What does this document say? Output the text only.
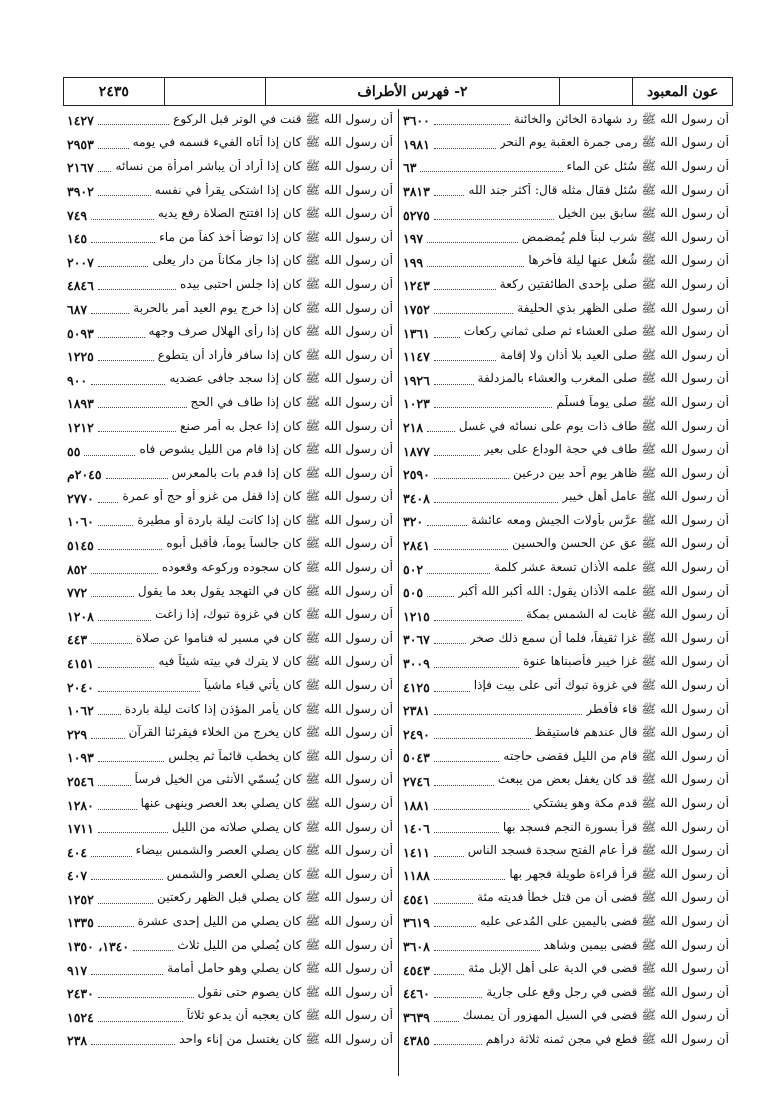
عون المعبود
٢- فهرس الأطراف
٢٤٣٥
أن رسول الله ﷺ رد شهادة الخائن والخائنة
٣٦٠٠
أن رسول الله ﷺ رمى جمرة العقبة يوم النحر
١٩٨١
أن رسول الله ﷺ سُئل عن الماء
٦٣
أن رسول الله ﷺ سُئل فقال مثله قال: أكثر جند الله
٣٨١٣
أن رسول الله ﷺ سابق بين الخيل
٥٢٧٥
أن رسول الله ﷺ شرب لبناً فلم يُمضمض
١٩٧
أن رسول الله ﷺ شُغل عنها ليلة فأخرها
١٩٩
أن رسول الله ﷺ صلى بإحدى الطائفتين ركعة
١٢٤٣
أن رسول الله ﷺ صلى الظهر بذي الحليفة
١٧٥٢
أن رسول الله ﷺ صلى العشاء ثم صلى ثماني ركعات
١٣٦١
أن رسول الله ﷺ صلى العيد بلا أذان ولا إقامة
١١٤٧
أن رسول الله ﷺ صلى المغرب والعشاء بالمزدلفة
١٩٢٦
أن رسول الله ﷺ صلى يوماً فسلَّم
١٠٢٣
أن رسول الله ﷺ طاف ذات يوم على نسائه في غسل
٢١٨
أن رسول الله ﷺ طاف في حجة الوداع على بعير
١٨٧٧
أن رسول الله ﷺ ظاهر يوم أحد بين درعين
٢٥٩٠
أن رسول الله ﷺ عامل أهل خيبر
٣٤٠٨
أن رسول الله ﷺ عرَّس بأولات الجيش ومعه عائشة
٣٢٠
أن رسول الله ﷺ عق عن الحسن والحسين
٢٨٤١
أن رسول الله ﷺ علمه الأذان تسعة عشر كلمة
٥٠٢
أن رسول الله ﷺ علمه الأذان يقول: الله أكبر الله أكبر
٥٠٥
أن رسول الله ﷺ غابت له الشمس بمكة
١٢١٥
أن رسول الله ﷺ غزا ثقيفاً، فلما أن سمع ذلك صخر
٣٠٦٧
أن رسول الله ﷺ غزا خيبر فأصبناها عنوة
٣٠٠٩
أن رسول الله ﷺ في غزوة تبوك أتى على بيت فإذا
٤١٢٥
أن رسول الله ﷺ قاء فأفطر
٢٣٨١
أن رسول الله ﷺ قال عندهم فاستيقظ
٢٤٩٠
أن رسول الله ﷺ قام من الليل فقضى حاجته
٥٠٤٣
أن رسول الله ﷺ قد كان يغفل بعض من يبعث
٢٧٤٦
أن رسول الله ﷺ قدم مكة وهو يشتكي
١٨٨١
أن رسول الله ﷺ قرأ بسورة النجم فسجد بها
١٤٠٦
أن رسول الله ﷺ قرأ عام الفتح سجدة فسجد الناس
١٤١١
أن رسول الله ﷺ قرأ قراءة طويلة فجهر بها
١١٨٨
أن رسول الله ﷺ قضى أن من قتل خطأ فديته مئة
٤٥٤١
أن رسول الله ﷺ قضى باليمين على المُدعى عليه
٣٦١٩
أن رسول الله ﷺ قضى بيمين وشاهد
٣٦٠٨
أن رسول الله ﷺ قضى في الدية على أهل الإبل مئة
٤٥٤٣
أن رسول الله ﷺ قضى في رجل وقع على جارية
٤٤٦٠
أن رسول الله ﷺ قضى في السيل المهزور أن يمسك
٣٦٣٩
أن رسول الله ﷺ قطع في مجن ثمنه ثلاثة دراهم
٤٣٨٥
أن رسول الله ﷺ قنت في الوتر قبل الركوع
١٤٢٧
أن رسول الله ﷺ كان إذا أتاه الفيء قسمه في يومه
٢٩٥٣
أن رسول الله ﷺ كان إذا أراد أن يباشر امرأة من نسائه
٢١٦٧
أن رسول الله ﷺ كان إذا اشتكى يقرأ في نفسه
٣٩٠٢
أن رسول الله ﷺ كان إذا افتتح الصلاة رفع يديه
٧٤٩
أن رسول الله ﷺ كان إذا توضأ أخذ كفاً من ماء
١٤٥
أن رسول الله ﷺ كان إذا جاز مكاناً من دار يعلى
٢٠٠٧
أن رسول الله ﷺ كان إذا جلس احتبى بيده
٤٨٤٦
أن رسول الله ﷺ كان إذا خرج يوم العيد أمر بالحربة
٦٨٧
أن رسول الله ﷺ كان إذا رأى الهلال صرف وجهه
٥٠٩٣
أن رسول الله ﷺ كان إذا سافر فأراد أن يتطوع
١٢٢٥
أن رسول الله ﷺ كان إذا سجد جافى عضديه
٩٠٠
أن رسول الله ﷺ كان إذا طاف في الحج
١٨٩٣
أن رسول الله ﷺ كان إذا عجل به أمر صنع
١٢١٢
أن رسول الله ﷺ كان إذا قام من الليل يشوص فاه
٥٥
أن رسول الله ﷺ كان إذا قدم بات بالمعرس
٢٠٤٥م
أن رسول الله ﷺ كان إذا قفل من غزو أو حج أو عمرة
٢٧٧٠
أن رسول الله ﷺ كان إذا كانت ليلة باردة أو مطيرة
١٠٦٠
أن رسول الله ﷺ كان جالساً يوماً، فأقبل أبوه
٥١٤٥
أن رسول الله ﷺ كان سجوده وركوعه وقعوده
٨٥٢
أن رسول الله ﷺ كان في التهجد يقول بعد ما يقول
٧٧٢
أن رسول الله ﷺ كان في غزوة تبوك، إذا زاغت
١٢٠٨
أن رسول الله ﷺ كان في مسير له فناموا عن صلاة
٤٤٣
أن رسول الله ﷺ كان لا يترك في بيته شيئاً فيه
٤١٥١
أن رسول الله ﷺ كان يأتي قباء ماشياً
٢٠٤٠
أن رسول الله ﷺ كان يأمر المؤذن إذا كانت ليلة باردة
١٠٦٢
أن رسول الله ﷺ كان يخرج من الخلاء فيقرئنا القرآن
٢٢٩
أن رسول الله ﷺ كان يخطب قائماً ثم يجلس
١٠٩٣
أن رسول الله ﷺ كان يُسمّي الأنثى من الخيل فرساً
٢٥٤٦
أن رسول الله ﷺ كان يصلي بعد العصر وينهى عنها
١٢٨٠
أن رسول الله ﷺ كان يصلي صلاته من الليل
١٧١١
أن رسول الله ﷺ كان يصلي العصر والشمس بيضاء
٤٠٤
أن رسول الله ﷺ كان يصلي العصر والشمس
٤٠٧
أن رسول الله ﷺ كان يصلي قبل الظهر ركعتين
١٢٥٢
أن رسول الله ﷺ كان يصلي من الليل إحدى عشرة
١٣٣٥
أن رسول الله ﷺ كان يُصلي من الليل ثلاث
١٣٤٠، ١٣٥٠
أن رسول الله ﷺ كان يصلي وهو حامل أمامة
٩١٧
أن رسول الله ﷺ كان يصوم حتى نقول
٢٤٣٠
أن رسول الله ﷺ كان يعجبه أن يدعو ثلاثاً
١٥٢٤
أن رسول الله ﷺ كان يغتسل من إناء واحد
٢٣٨
